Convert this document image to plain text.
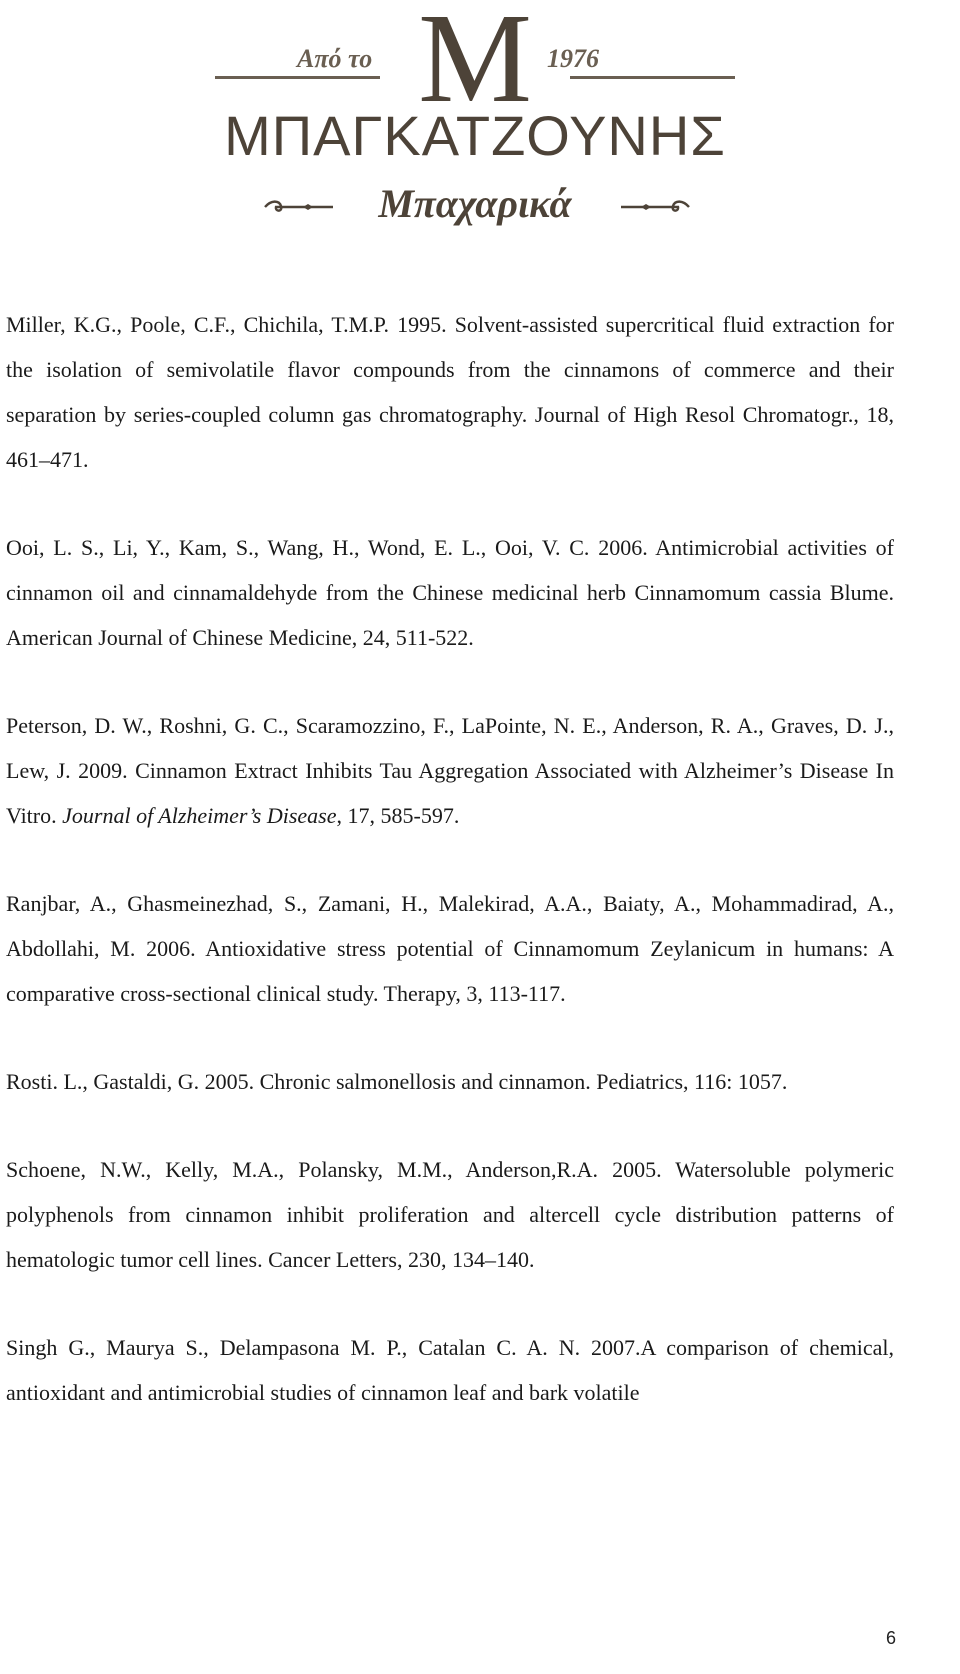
Από το M 1976
ΜΠΑΓΚΑΤΖΟΥΝΗΣ
Μπαχαρικά

Miller, K.G., Poole, C.F., Chichila, T.M.P. 1995. Solvent-assisted supercritical fluid extraction for the isolation of semivolatile flavor compounds from the cinnamons of commerce and their separation by series-coupled column gas chromatography. Journal of High Resol Chromatogr., 18, 461–471.

Ooi, L. S., Li, Y., Kam, S., Wang, H., Wond, E. L., Ooi, V. C. 2006. Antimicrobial activities of cinnamon oil and cinnamaldehyde from the Chinese medicinal herb Cinnamomum cassia Blume. American Journal of Chinese Medicine, 24, 511-522.

Peterson, D. W., Roshni, G. C., Scaramozzino, F., LaPointe, N. E., Anderson, R. A., Graves, D. J., Lew, J. 2009. Cinnamon Extract Inhibits Tau Aggregation Associated with Alzheimer’s Disease In Vitro. Journal of Alzheimer’s Disease, 17, 585-597.

Ranjbar, A., Ghasmeinezhad, S., Zamani, H., Malekirad, A.A., Baiaty, A., Mohammadirad, A., Abdollahi, M. 2006. Antioxidative stress potential of Cinnamomum Zeylanicum in humans: A comparative cross-sectional clinical study. Therapy, 3, 113-117.

Rosti. L., Gastaldi, G. 2005. Chronic salmonellosis and cinnamon. Pediatrics, 116: 1057.

Schoene, N.W., Kelly, M.A., Polansky, M.M., Anderson,R.A. 2005. Watersoluble polymeric polyphenols from cinnamon inhibit proliferation and altercell cycle distribution patterns of hematologic tumor cell lines. Cancer Letters, 230, 134–140.

Singh G., Maurya S., Delampasona M. P., Catalan C. A. N. 2007.A comparison of chemical, antioxidant and antimicrobial studies of cinnamon leaf and bark volatile

6
